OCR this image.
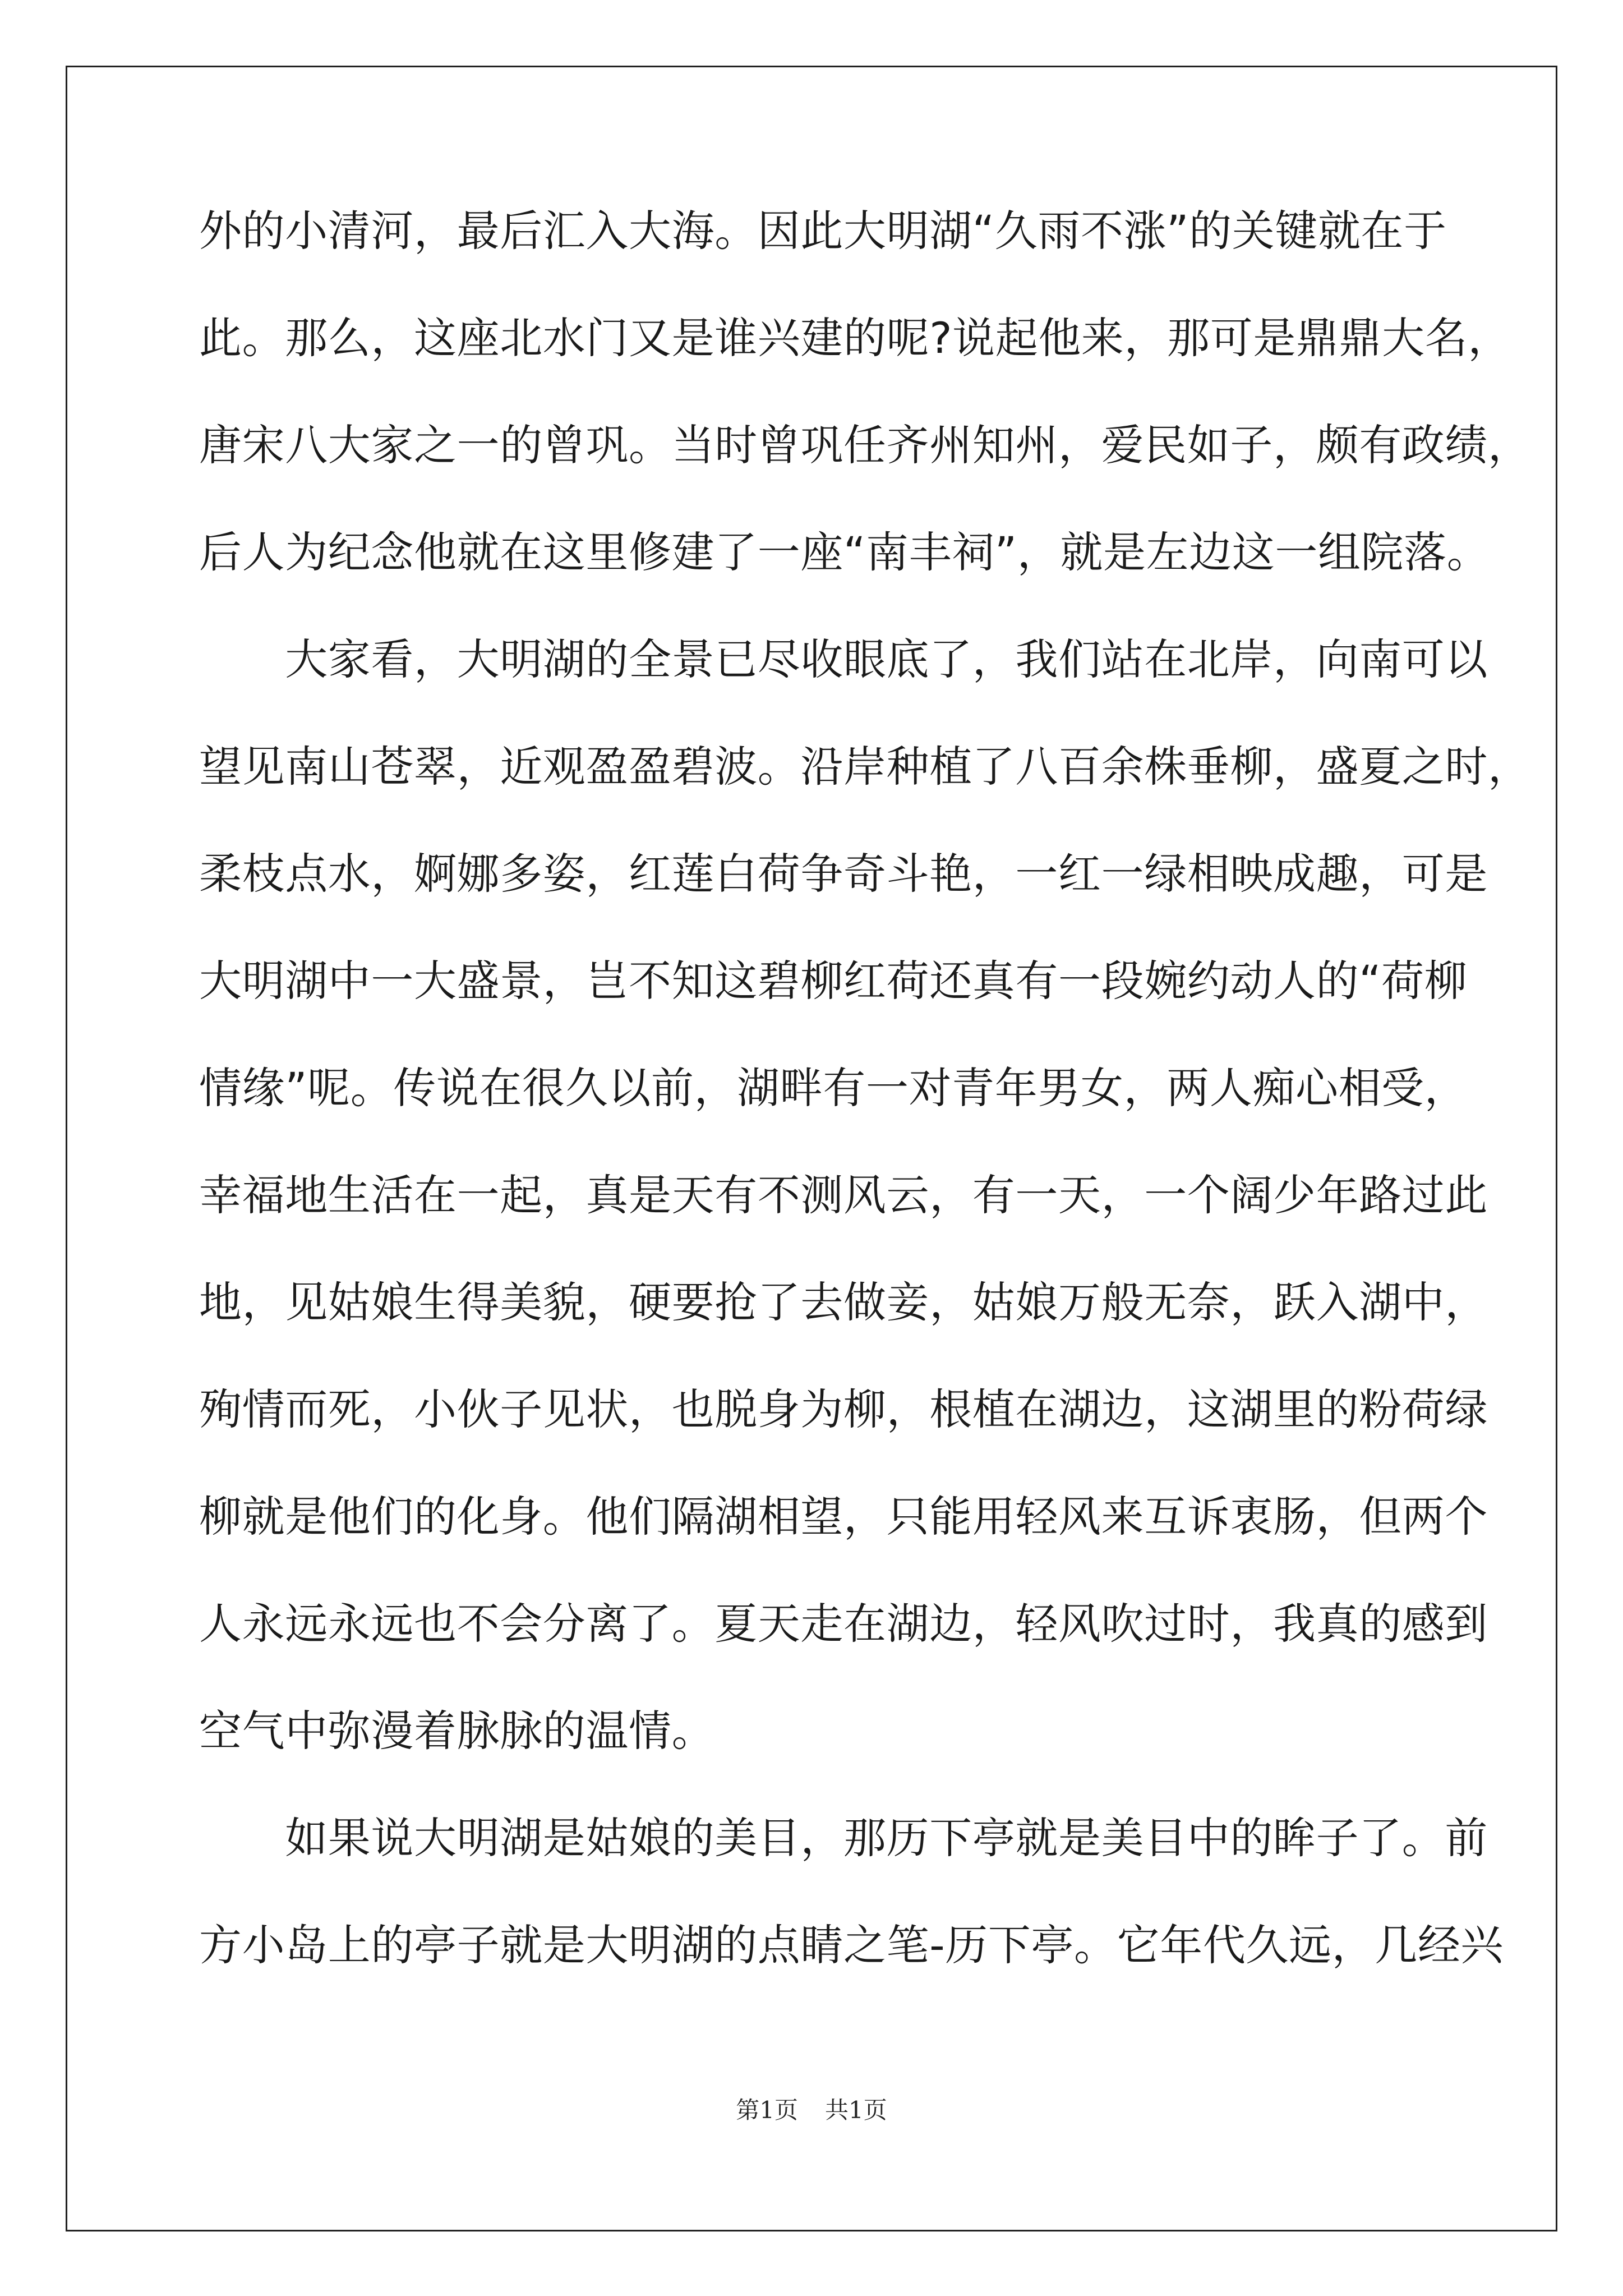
外的小清河，最后汇入大海。因此大明湖“久雨不涨”的关键就在于
此。那么，这座北水门又是谁兴建的呢?说起他来，那可是鼎鼎大名，
唐宋八大家之一的曾巩。当时曾巩任齐州知州，爱民如子，颇有政绩，
后人为纪念他就在这里修建了一座“南丰祠”，就是左边这一组院落。
　　大家看，大明湖的全景已尽收眼底了，我们站在北岸，向南可以
望见南山苍翠，近观盈盈碧波。沿岸种植了八百余株垂柳，盛夏之时，
柔枝点水，婀娜多姿，红莲白荷争奇斗艳，一红一绿相映成趣，可是
大明湖中一大盛景，岂不知这碧柳红荷还真有一段婉约动人的“荷柳
情缘”呢。传说在很久以前，湖畔有一对青年男女，两人痴心相受，
幸福地生活在一起，真是天有不测风云，有一天，一个阔少年路过此
地，见姑娘生得美貌，硬要抢了去做妾，姑娘万般无奈，跃入湖中，
殉情而死，小伙子见状，也脱身为柳，根植在湖边，这湖里的粉荷绿
柳就是他们的化身。他们隔湖相望，只能用轻风来互诉衷肠，但两个
人永远永远也不会分离了。夏天走在湖边，轻风吹过时，我真的感到
空气中弥漫着脉脉的温情。
　　如果说大明湖是姑娘的美目，那历下亭就是美目中的眸子了。前
方小岛上的亭子就是大明湖的点睛之笔-历下亭。它年代久远，几经兴
第1页 共1页
